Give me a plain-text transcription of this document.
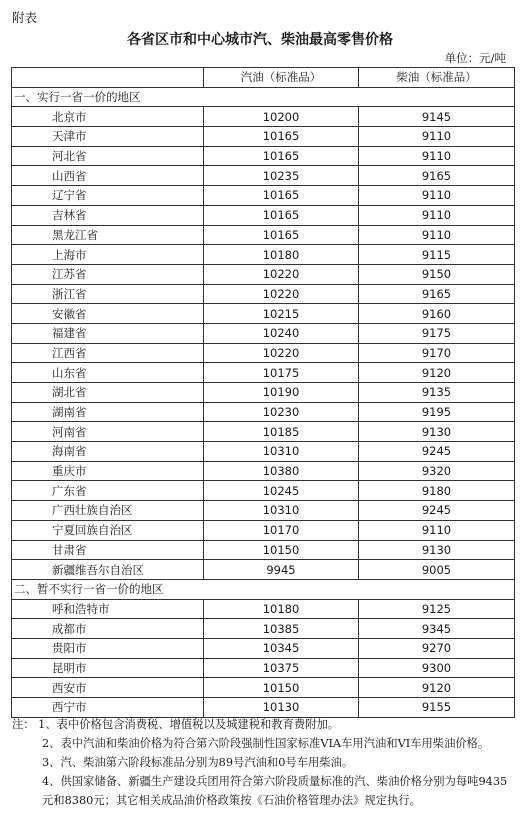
附表
各省区市和中心城市汽、柴油最高零售价格
单位：元/吨
	汽油（标准品）	柴油（标准品）
一、实行一省一价的地区		
北京市	10200	9145
天津市	10165	9110
河北省	10165	9110
山西省	10235	9165
辽宁省	10165	9110
吉林省	10165	9110
黑龙江省	10165	9110
上海市	10180	9115
江苏省	10220	9150
浙江省	10220	9165
安徽省	10215	9160
福建省	10240	9175
江西省	10220	9170
山东省	10175	9120
湖北省	10190	9135
湖南省	10230	9195
河南省	10185	9130
海南省	10310	9245
重庆市	10380	9320
广东省	10245	9180
广西壮族自治区	10310	9245
宁夏回族自治区	10170	9110
甘肃省	10150	9130
新疆维吾尔自治区	9945	9005
二、暂不实行一省一价的地区		
呼和浩特市	10180	9125
成都市	10385	9345
贵阳市	10345	9270
昆明市	10375	9300
西安市	10150	9120
西宁市	10130	9155

注： 1、表中价格包含消费税、增值税以及城建税和教育费附加。

2、表中汽油和柴油价格为符合第六阶段强制性国家标准VIA车用汽油和VI车用柴油价格。

3、汽、柴油第六阶段标准品分别为89号汽油和0号车用柴油。

4、供国家储备、新疆生产建设兵团用符合第六阶段质量标准的汽、柴油价格分别为每吨9435元和8380元；其它相关成品油价格政策按《石油价格管理办法》规定执行。
